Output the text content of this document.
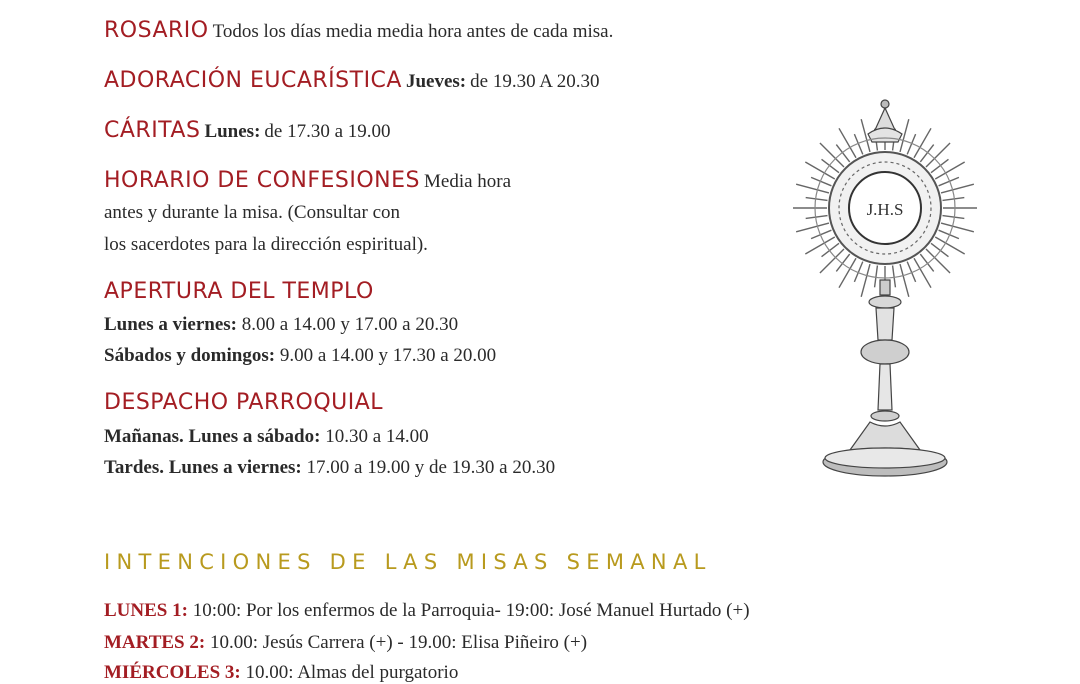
ROSARIO Todos los días media media hora antes de cada misa.
ADORACIÓN EUCARÍSTICA Jueves: de 19.30 A 20.30
CÁRITAS Lunes: de 17.30 a 19.00
HORARIO DE CONFESIONES Media hora
antes y durante la misa. (Consultar con
los sacerdotes para la dirección espiritual).
APERTURA DEL TEMPLO
Lunes a viernes: 8.00 a 14.00 y 17.00 a 20.30
Sábados y domingos: 9.00 a 14.00 y 17.30 a 20.00
DESPACHO PARROQUIAL
Mañanas. Lunes a sábado: 10.30 a 14.00
Tardes. Lunes a viernes: 17.00 a 19.00 y de 19.30 a 20.30
J.H.S
INTENCIONES DE LAS MISAS SEMANAL
LUNES 1: 10:00: Por los enfermos de la Parroquia- 19:00: José Manuel Hurtado (+)
MARTES 2: 10.00: Jesús Carrera (+) - 19.00: Elisa Piñeiro (+)
MIÉRCOLES 3: 10.00: Almas del purgatorio
